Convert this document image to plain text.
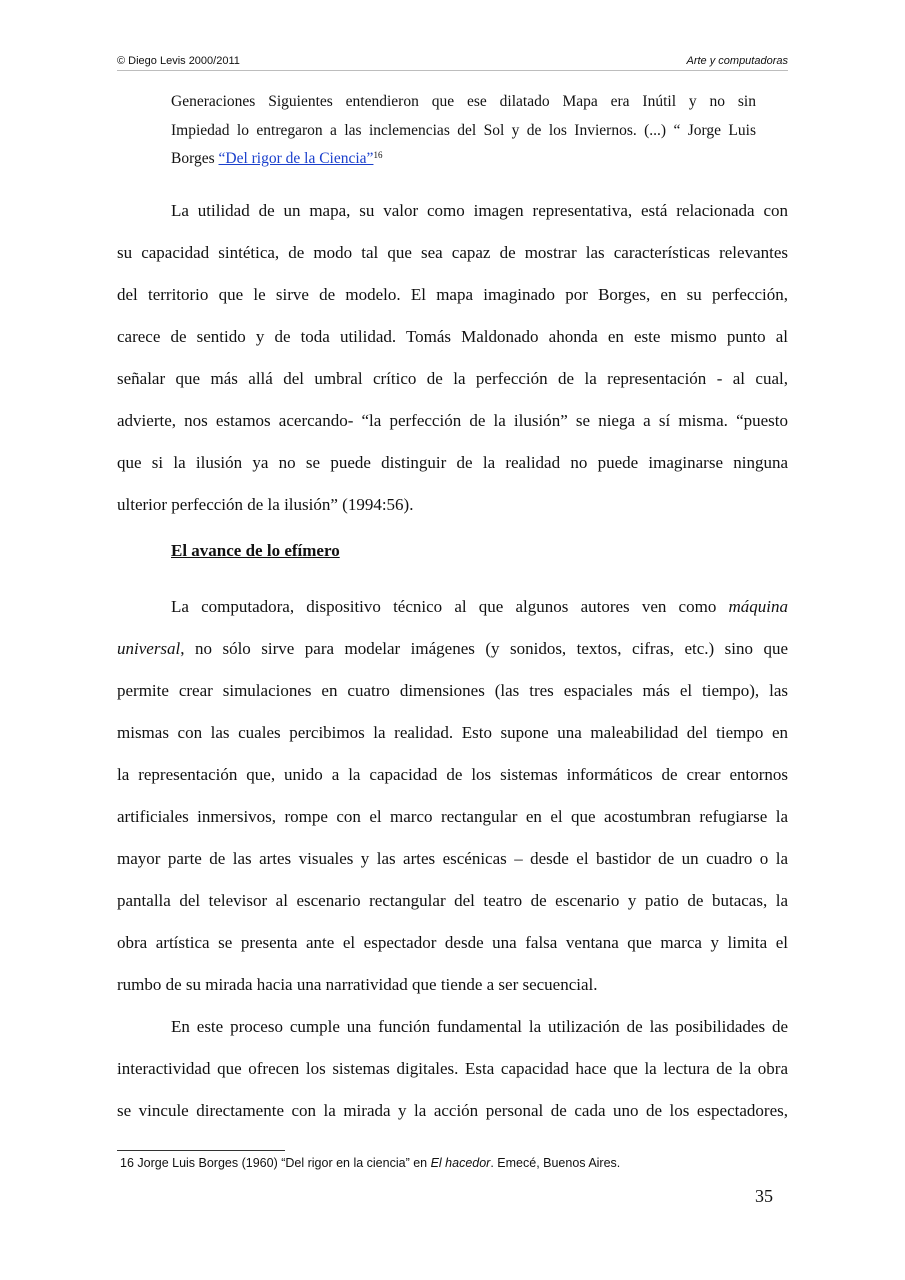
© Diego Levis 2000/2011	Arte y computadoras
Generaciones Siguientes entendieron que ese dilatado Mapa era Inútil y no sin
Impiedad lo entregaron a las inclemencias del Sol y de los Inviernos. (...) “ Jorge Luis
Borges “Del rigor de la Ciencia”$^{16}$
La utilidad de un mapa, su valor como imagen representativa, está relacionada con
su capacidad sintética, de modo tal que sea capaz de mostrar las características relevantes
del territorio que le sirve de modelo. El mapa imaginado por Borges, en su perfección,
carece de sentido y de toda utilidad. Tomás Maldonado ahonda en este mismo punto al
señalar que más allá del umbral crítico de la perfección de la representación - al cual,
advierte, nos estamos acercando- “la perfección de la ilusión” se niega a sí misma. “puesto
que si la ilusión ya no se puede distinguir de la realidad no puede imaginarse ninguna
ulterior perfección de la ilusión” (1994:56).
El avance de lo efímero
La computadora, dispositivo técnico al que algunos autores ven como máquina
universal, no sólo sirve para modelar imágenes (y sonidos, textos, cifras, etc.) sino que
permite crear simulaciones en cuatro dimensiones (las tres espaciales más el tiempo), las
mismas con las cuales percibimos la realidad. Esto supone una maleabilidad del tiempo en
la representación que, unido a la capacidad de los sistemas informáticos de crear entornos
artificiales inmersivos, rompe con el marco rectangular en el que acostumbran refugiarse la
mayor parte de las artes visuales y las artes escénicas – desde el bastidor de un cuadro o la
pantalla del televisor al escenario rectangular del teatro de escenario y patio de butacas, la
obra artística se presenta ante el espectador desde una falsa ventana que marca y limita el
rumbo de su mirada hacia una narratividad que tiende a ser secuencial.
En este proceso cumple una función fundamental la utilización de las posibilidades de
interactividad que ofrecen los sistemas digitales. Esta capacidad hace que la lectura de la obra
se vincule directamente con la mirada y la acción personal de cada uno de los espectadores,
16 Jorge Luis Borges (1960) “Del rigor en la ciencia” en El hacedor. Emecé, Buenos Aires.
35
